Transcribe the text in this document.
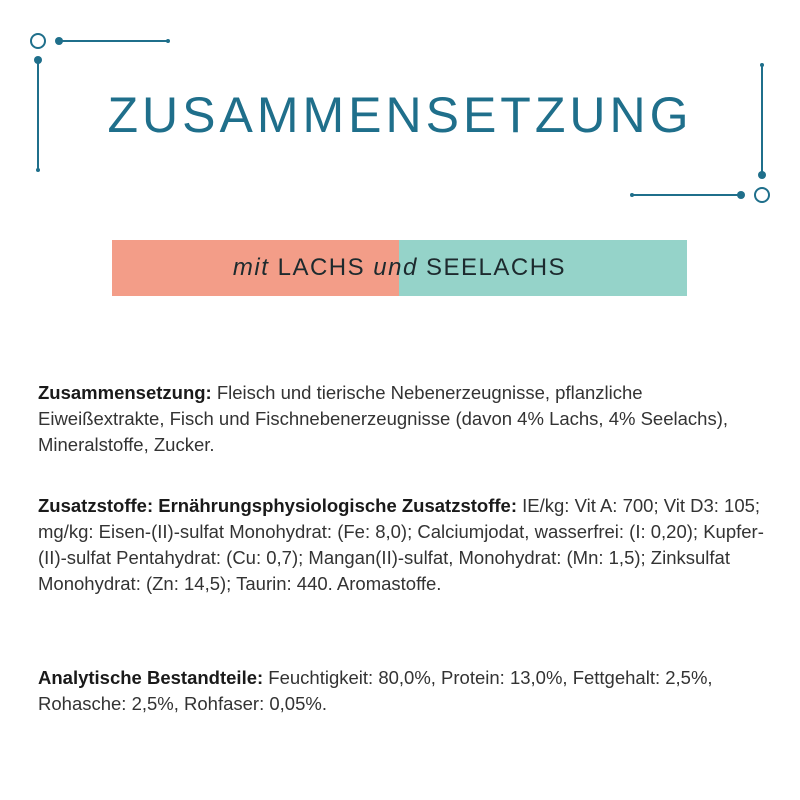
ZUSAMMENSETZUNG
mit LACHS und SEELACHS
Zusammensetzung: Fleisch und tierische Nebenerzeugnisse, pflanzliche Eiweißextrakte, Fisch und Fischnebenerzeugnisse (davon 4% Lachs, 4% Seelachs), Mineralstoffe, Zucker.
Zusatzstoffe: Ernährungsphysiologische Zusatzstoffe: IE/kg: Vit A: 700; Vit D3: 105; mg/kg: Eisen-(II)-sulfat Monohydrat: (Fe: 8,0); Calciumjodat, wasserfrei: (I: 0,20); Kupfer-(II)-sulfat Pentahydrat: (Cu: 0,7); Mangan(II)-sulfat, Monohydrat: (Mn: 1,5); Zinksulfat Monohydrat: (Zn: 14,5); Taurin: 440. Aromastoffe.
Analytische Bestandteile: Feuchtigkeit: 80,0%, Protein: 13,0%, Fettgehalt: 2,5%, Rohasche: 2,5%, Rohfaser: 0,05%.
